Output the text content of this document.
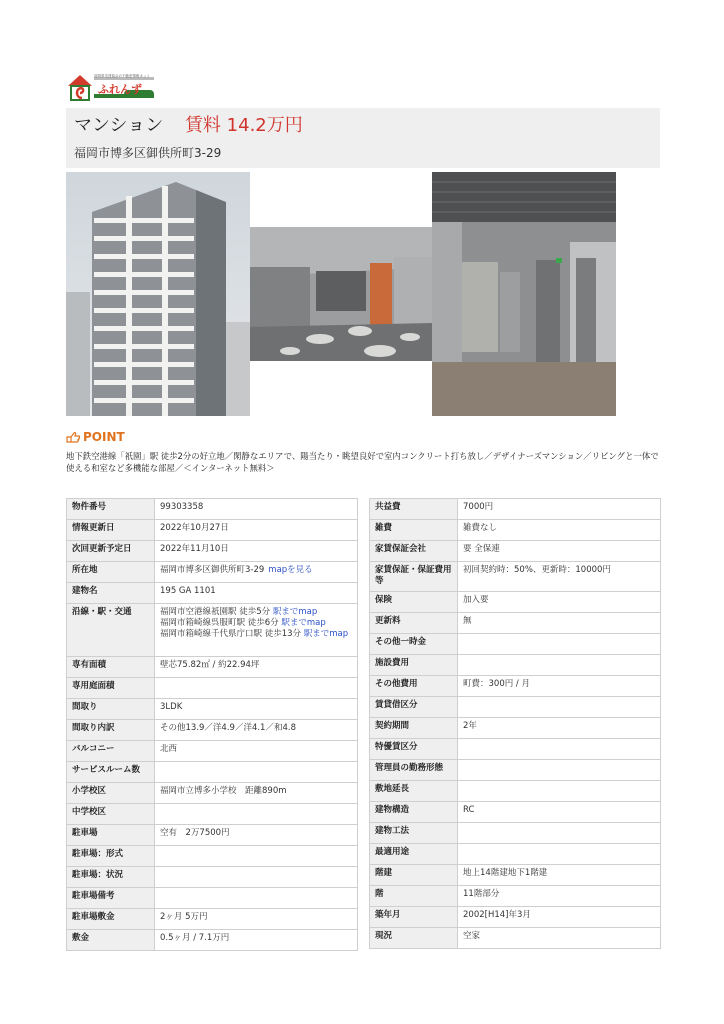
福岡県宅建協会の不動産情報ネット
ふれんず
マンション 賃料 14.2万円
福岡市博多区御供所町3-29
POINT
地下鉄空港線「祇園」駅 徒歩2分の好立地／閑静なエリアで、陽当たり・眺望良好で室内コンクリート打ち放し／デザイナーズマンション／リビングと一体で使える和室など多機能な部屋／＜インターネット無料＞
物件番号	99303358
情報更新日	2022年10月27日
次回更新予定日	2022年11月10日
所在地	福岡市博多区御供所町3-29 mapを見る
建物名	195 GA 1101
沿線・駅・交通	福岡市空港線祇園駅 徒歩5分 駅までmap
福岡市箱崎線呉服町駅 徒歩6分 駅までmap
福岡市箱崎線千代県庁口駅 徒歩13分 駅までmap

専有面積	壁芯75.82㎡ / 約22.94坪
専用庭面積	
間取り	3LDK
間取り内訳	その他13.9／洋4.9／洋4.1／和4.8
バルコニー	北西
サービスルーム数	
小学校区	福岡市立博多小学校　距離890m
中学校区	
駐車場	空有　2万7500円
駐車場：形式	
駐車場：状況	
駐車場備考	
駐車場敷金	2ヶ月 5万円
敷金	0.5ヶ月 / 7.1万円
共益費	7000円
雑費	雑費なし
家賃保証会社	要 全保連
家賃保証・保証費用等	初回契約時：50%、更新時：10000円
保険	加入要
更新料	無
その他一時金	
施設費用	
その他費用	町費：300円 / 月
賃貸借区分	
契約期間	2年
特優賃区分	
管理員の勤務形態	
敷地延長	
建物構造	RC
建物工法	
最適用途	
階建	地上14階建地下1階建
階	11階部分
築年月	2002[H14]年3月
現況	空家
